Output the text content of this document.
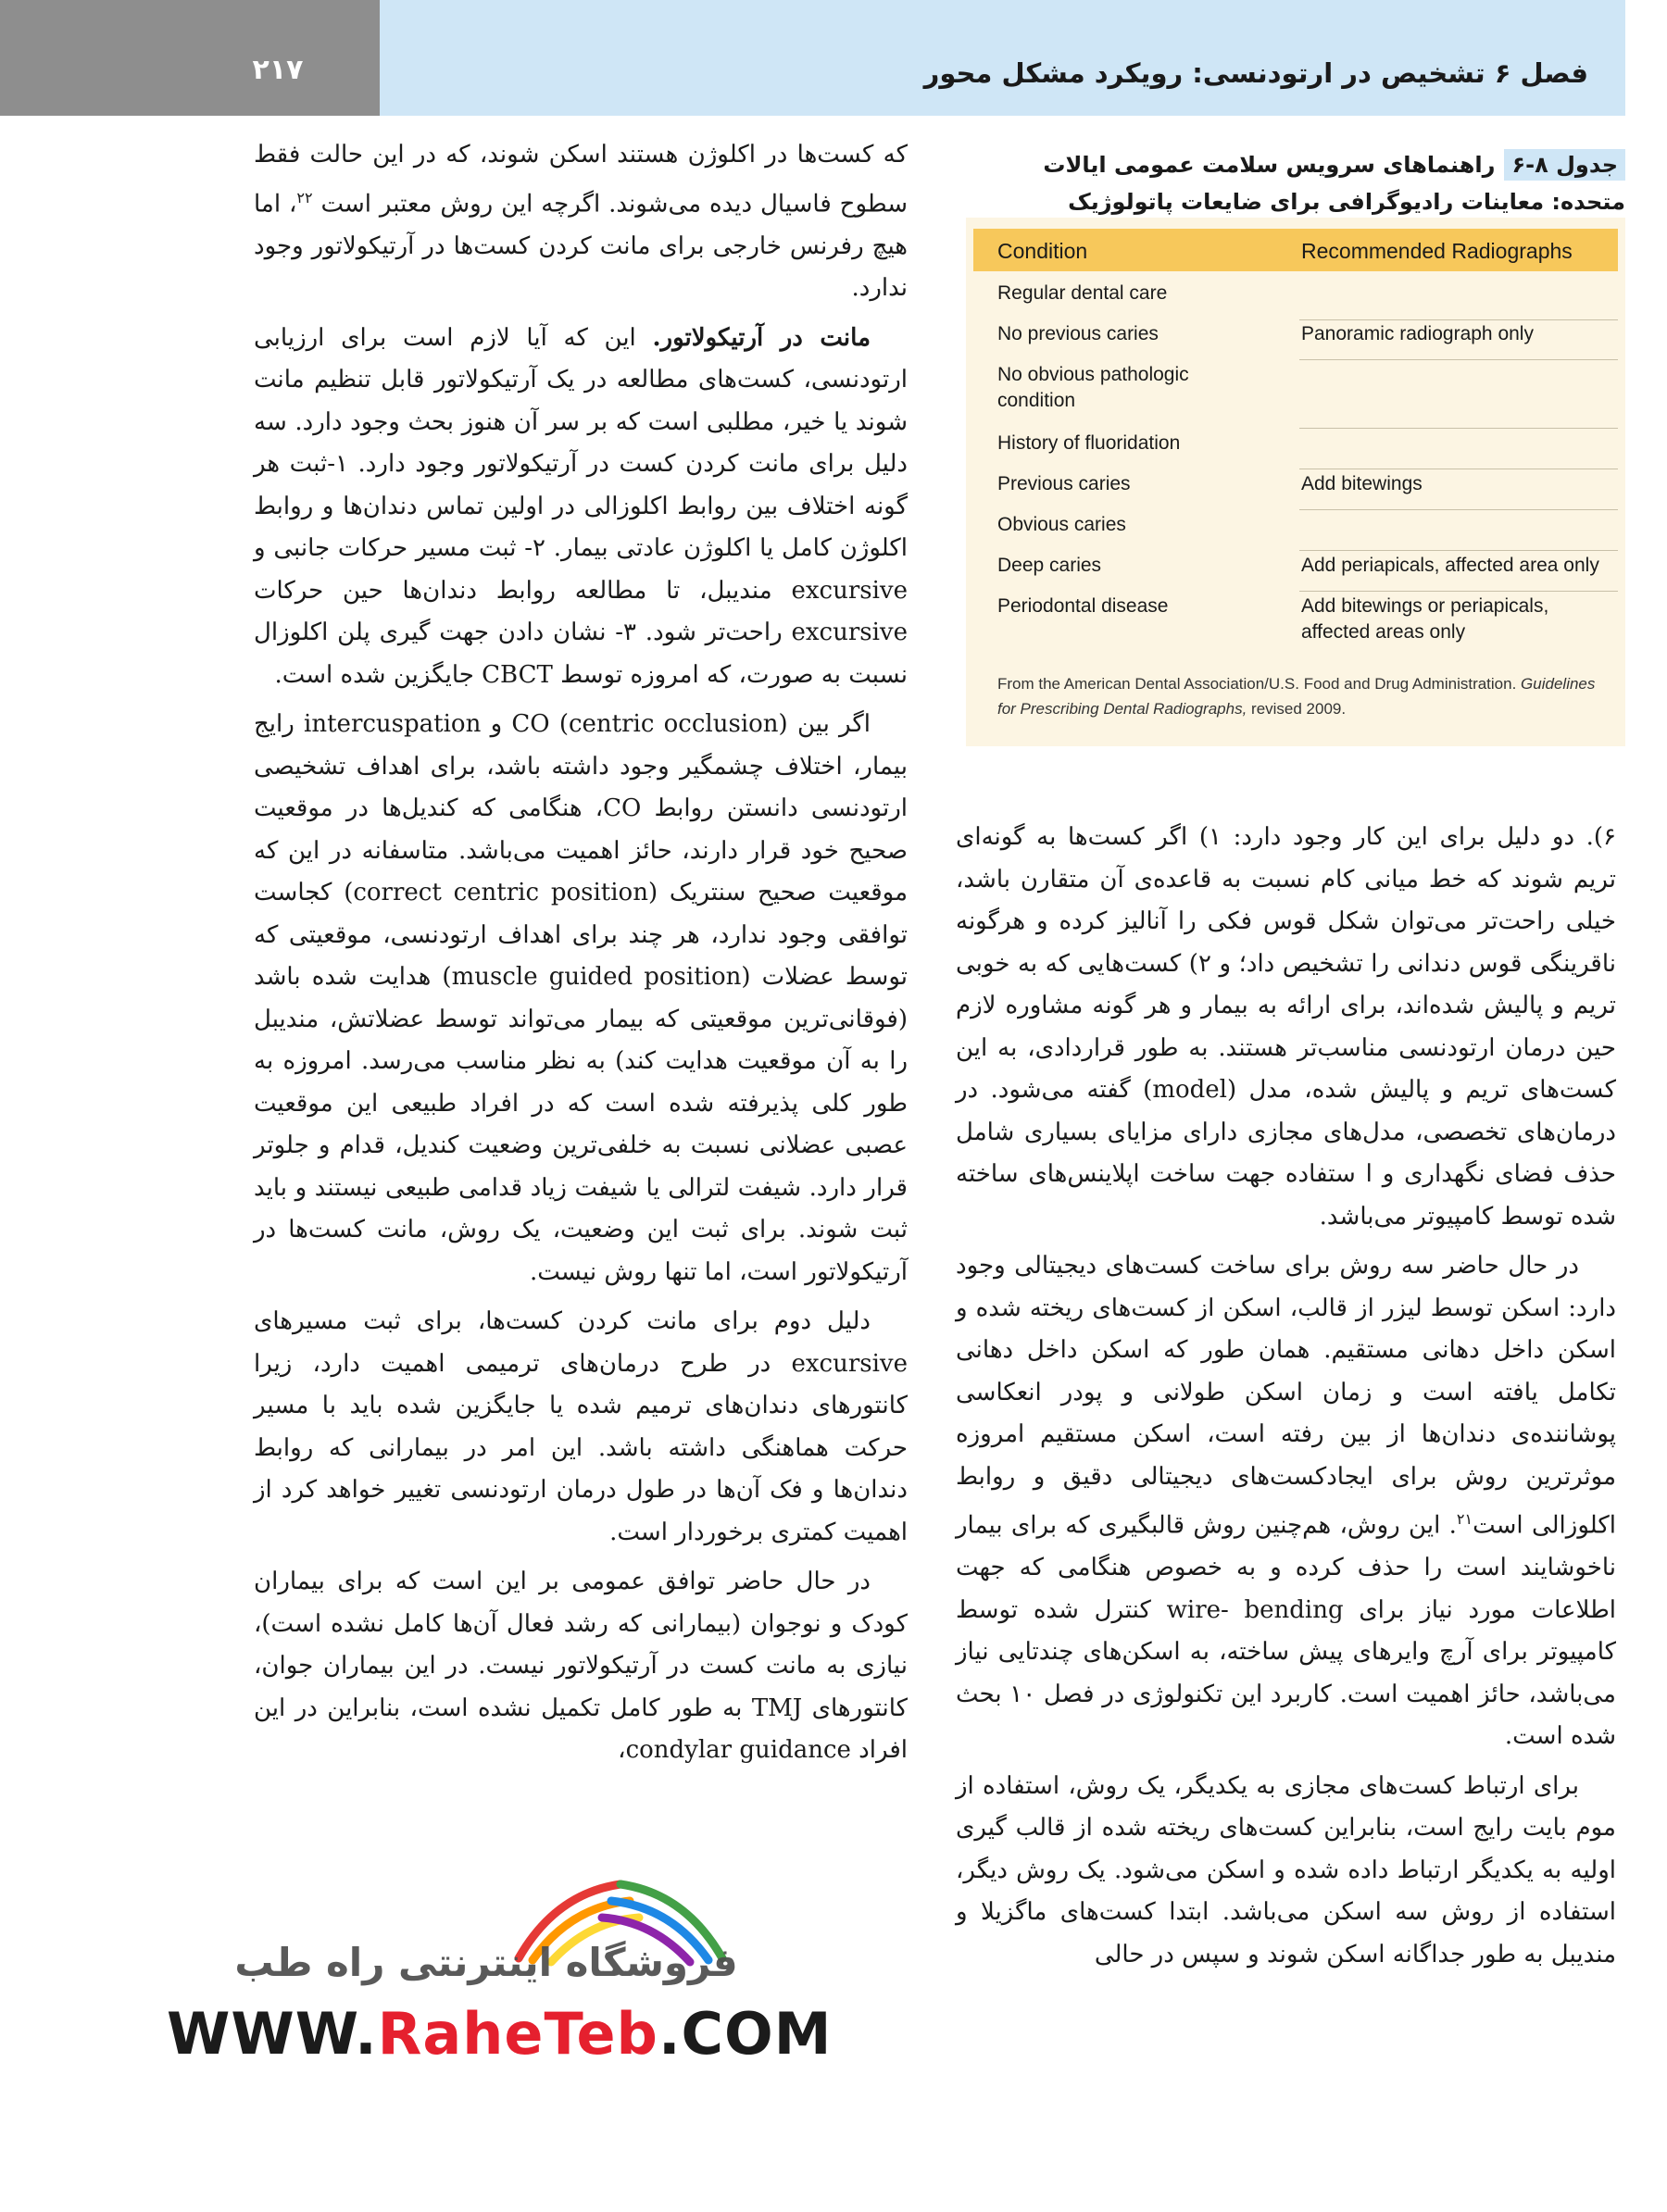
۲۱۷	فصل ۶ تشخیص در ارتودنسی: رویکرد مشکل محور
جدول ۸-۶راهنماهای سرویس سلامت عمومی ایالات متحده: معاینات رادیوگرافی برای ضایعات پاتولوژیک
Condition	Recommended Radiographs
Regular dental care
No previous caries	Panoramic radiograph only
No obvious pathologic condition
History of fluoridation
Previous caries	Add bitewings
Obvious caries
Deep caries	Add periapicals, affected area only
Periodontal disease	Add bitewings or periapicals, affected areas only
From the American Dental Association/U.S. Food and Drug Administration. Guidelines for Prescribing Dental Radiographs, revised 2009.

که کست‌ها در اکلوژن هستند اسکن شوند، که در این حالت فقط سطوح فاسیال دیده می‌شوند. اگرچه این روش معتبر است $^{۲۲}$، اما هیچ رفرنس خارجی برای مانت کردن کست‌ها در آرتیکولاتور وجود ندارد.

مانت در آرتیکولاتور. این که آیا لازم است برای ارزیابی ارتودنسی، کست‌های مطالعه در یک آرتیکولاتور قابل تنظیم مانت شوند یا خیر، مطلبی است که بر سر آن هنوز بحث وجود دارد. سه دلیل برای مانت کردن کست در آرتیکولاتور وجود دارد. ۱-ثبت هر گونه اختلاف بین روابط اکلوزالی در اولین تماس دندان‌ها و روابط اکلوژن کامل یا اکلوژن عادتی بیمار. ۲- ثبت مسیر حرکات جانبی و excursive مندیبل، تا مطالعه روابط دندان‌ها حین حرکات excursive راحت‌تر شود. ۳- نشان دادن جهت گیری پلن اکلوزال نسبت به صورت، که امروزه توسط CBCT جایگزین شده است.

اگر بین CO (centric occlusion) و intercuspation رایج بیمار، اختلاف چشمگیر وجود داشته باشد، برای اهداف تشخیصی ارتودنسی دانستن روابط CO، هنگامی که کندیل‌ها در موقعیت صحیح خود قرار دارند، حائز اهمیت می‌باشد. متاسفانه در این که موقعیت صحیح سنتریک (correct centric position) کجاست توافقی وجود ندارد، هر چند برای اهداف ارتودنسی، موقعیتی که توسط عضلات (muscle guided position) هدایت شده باشد (فوقانی‌ترین موقعیتی که بیمار می‌تواند توسط عضلاتش، مندیبل را به آن موقعیت هدایت کند) به نظر مناسب می‌رسد. امروزه به طور کلی پذیرفته شده است که در افراد طبیعی این موقعیت عصبی عضلانی نسبت به خلفی‌ترین وضعیت کندیل، قدام و جلوتر قرار دارد. شیفت لترالی یا شیفت زیاد قدامی طبیعی نیستند و باید ثبت شوند. برای ثبت این وضعیت، یک روش، مانت کست‌ها در آرتیکولاتور است، اما تنها روش نیست.

دلیل دوم برای مانت کردن کست‌ها، برای ثبت مسیرهای excursive در طرح درمان‌های ترمیمی اهمیت دارد، زیرا کانتورهای دندان‌های ترمیم شده یا جایگزین شده باید با مسیر حرکت هماهنگی داشته باشد. این امر در بیمارانی که روابط دندان‌ها و فک آن‌ها در طول درمان ارتودنسی تغییر خواهد کرد از اهمیت کمتری برخوردار است.

در حال حاضر توافق عمومی بر این است که برای بیماران کودک و نوجوان (بیمارانی که رشد فعال آن‌ها کامل نشده است)، نیازی به مانت کست در آرتیکولاتور نیست. در این بیماران جوان، کانتورهای TMJ به طور کامل تکمیل نشده است، بنابراین در این افراد condylar guidance،

۶). دو دلیل برای این کار وجود دارد: ۱) اگر کست‌ها به گونه‌ای تریم شوند که خط میانی کام نسبت به قاعده‌ی آن متقارن باشد، خیلی راحت‌تر می‌توان شکل قوس فکی را آنالیز کرده و هرگونه ناقرینگی قوس دندانی را تشخیص داد؛ و ۲) کست‌هایی که به خوبی تریم و پالیش شده‌اند، برای ارائه به بیمار و هر گونه مشاوره لازم حین درمان ارتودنسی مناسب‌تر هستند. به طور قراردادی، به این کست‌های تریم و پالیش شده، مدل (model) گفته می‌شود. در درمان‌های تخصصی، مدل‌های مجازی دارای مزایای بسیاری شامل حذف فضای نگهداری و ا ستفاده جهت ساخت اپلاینس‌های ساخته شده توسط کامپیوتر می‌باشد.

در حال حاضر سه روش برای ساخت کست‌های دیجیتالی وجود دارد: اسکن توسط لیزر از قالب، اسکن از کست‌های ریخته شده و اسکن داخل دهانی مستقیم. همان طور که اسکن داخل دهانی تکامل یافته است و زمان اسکن طولانی و پودر انعکاسی پوشاننده‌ی دندان‌ها از بین رفته است، اسکن مستقیم امروزه موثرترین روش برای ایجادکست‌های دیجیتالی دقیق و روابط اکلوزالی است$^{۲۱}$. این روش، هم‌چنین روش قالبگیری که برای بیمار ناخوشایند است را حذف کرده و به خصوص هنگامی که جهت اطلاعات مورد نیاز برای wire- bending کنترل شده توسط کامپیوتر برای آرچ وایرهای پیش ساخته، به اسکن‌های چندتایی نیاز می‌باشد، حائز اهمیت است. کاربرد این تکنولوژی در فصل ۱۰ بحث شده است.

برای ارتباط کست‌های مجازی به یکدیگر، یک روش، استفاده از موم بایت رایج است، بنابراین کست‌های ریخته شده از قالب گیری اولیه به یکدیگر ارتباط داده شده و اسکن می‌شود. یک روش دیگر، استفاده از روش سه اسکن می‌باشد. ابتدا کست‌های ماگزیلا و مندیبل به طور جداگانه اسکن شوند و سپس در حالی

فروشگاه اینترنتی راه طب
WWW.RaheTeb.COM
